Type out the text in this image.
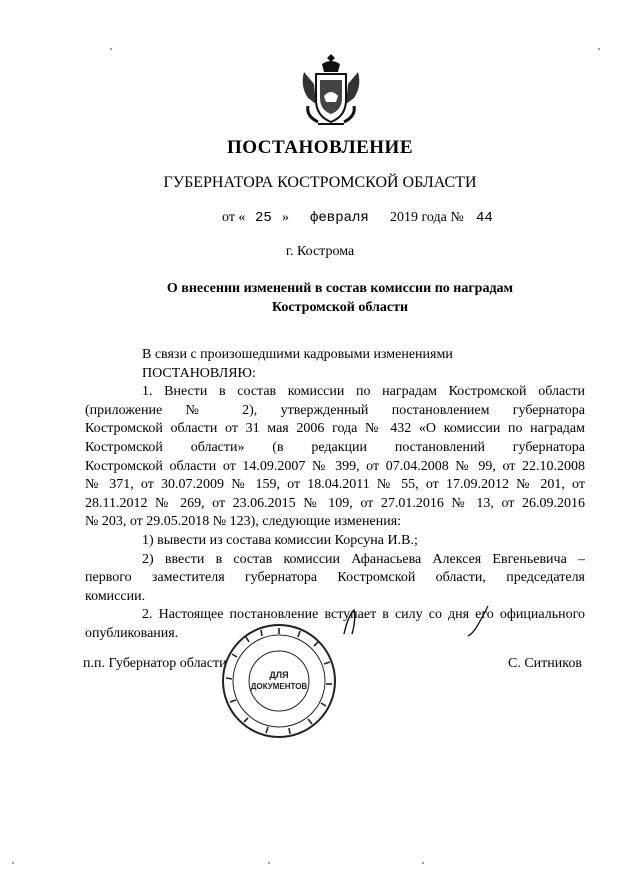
ПОСТАНОВЛЕНИЕ
ГУБЕРНАТОРА КОСТРОМСКОЙ ОБЛАСТИ
от « 25 » февраля 2019 года № 44
г. Кострома
О внесении изменений в состав комиссии по наградам
Костромской области

В связи с произошедшими кадровыми изменениями

ПОСТАНОВЛЯЮ:

1. Внести в состав комиссии по наградам Костромской области

(приложение № 2), утвержденный постановлением губернатора

Костромской области от 31 мая 2006 года № 432 «О комиссии по наградам

Костромской области» (в редакции постановлений губернатора

Костромской области от 14.09.2007 № 399, от 07.04.2008 № 99, от 22.10.2008

№ 371, от 30.07.2009 № 159, от 18.04.2011 № 55, от 17.09.2012 № 201, от

28.11.2012 № 269, от 23.06.2015 № 109, от 27.01.2016 № 13, от 26.09.2016

№ 203, от 29.05.2018 № 123), следующие изменения:

1) вывести из состава комиссии Корсуна И.В.;

2) ввести в состав комиссии Афанасьева Алексея Евгеньевича –

первого заместителя губернатора Костромской области, председателя

комиссии.

2. Настоящее постановление вступает в силу со дня его официального

опубликования.

п.п. Губернатор области	С. Ситников
ДЛЯ
ДОКУМЕНТОВ
